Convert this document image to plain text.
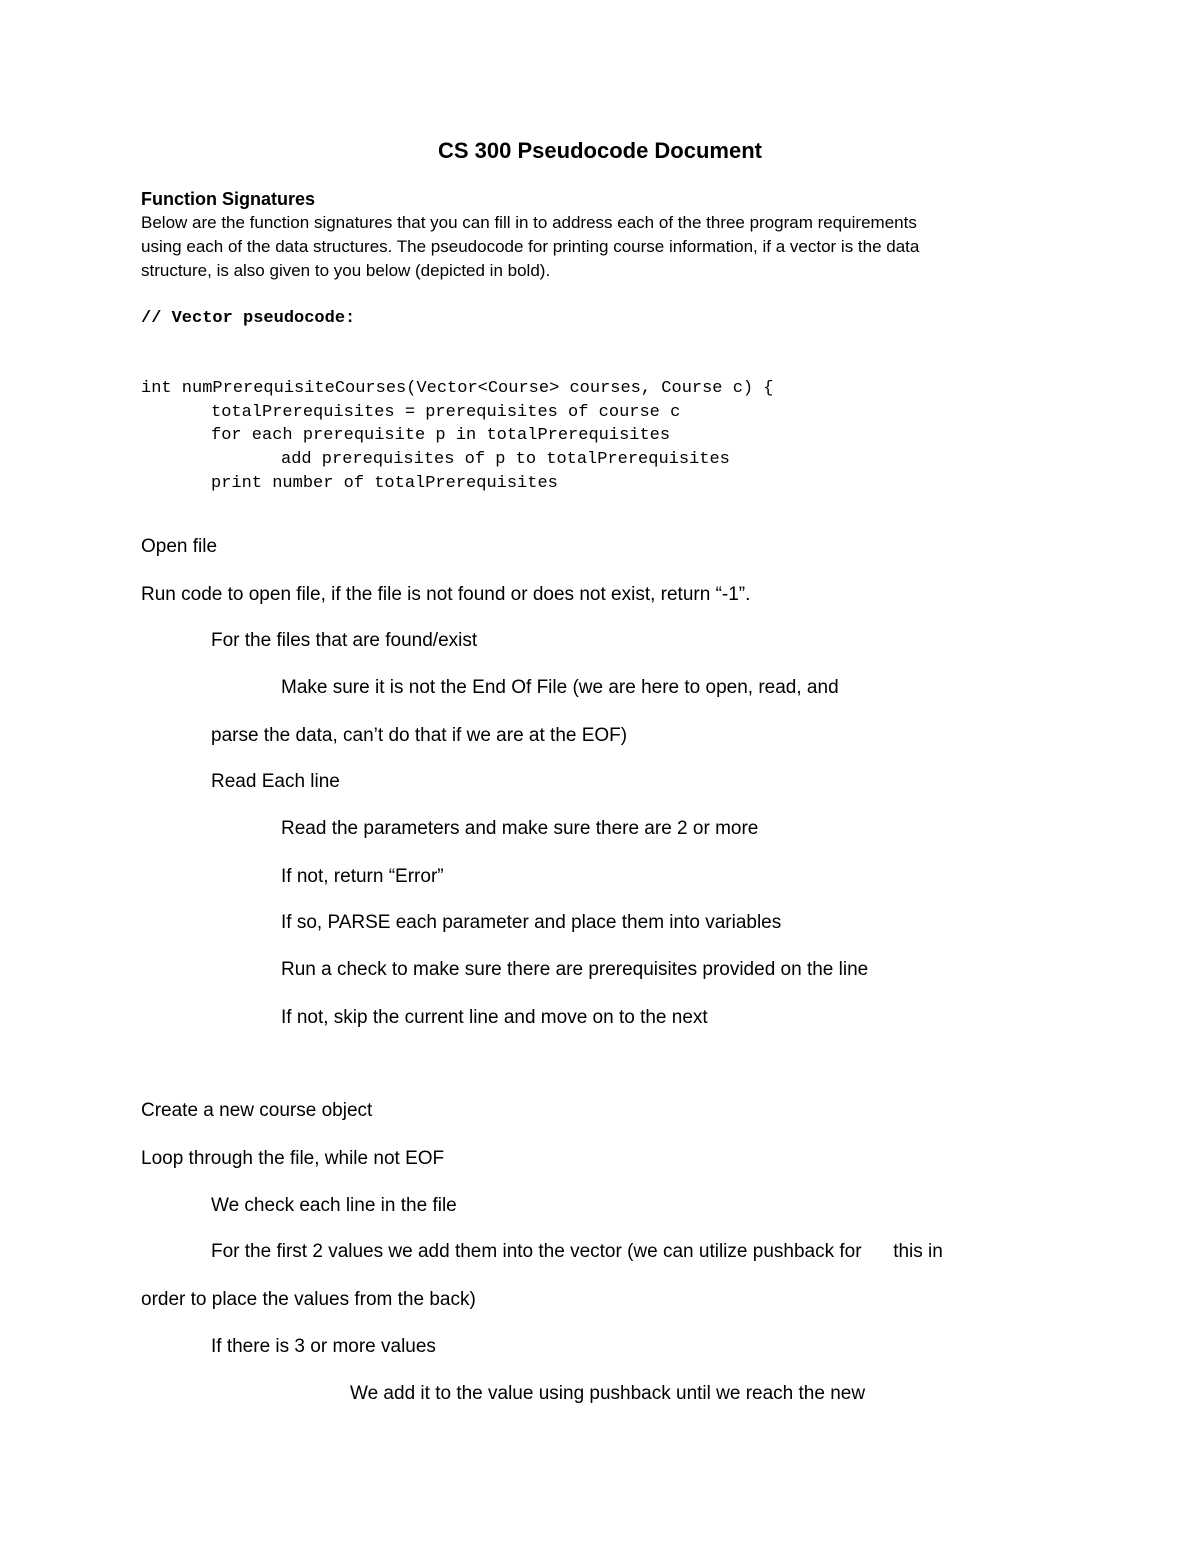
CS 300 Pseudocode Document
Function Signatures
Below are the function signatures that you can fill in to address each of the three program requirements
using each of the data structures. The pseudocode for printing course information, if a vector is the data
structure, is also given to you below (depicted in bold).
// Vector pseudocode:
int numPrerequisiteCourses(Vector<Course> courses, Course c) {
totalPrerequisites = prerequisites of course c
for each prerequisite p in totalPrerequisites
add prerequisites of p to totalPrerequisites
print number of totalPrerequisites
Open file
Run code to open file, if the file is not found or does not exist, return “-1”.
For the files that are found/exist
Make sure it is not the End Of File (we are here to open, read, and
parse the data, can’t do that if we are at the EOF)
Read Each line
Read the parameters and make sure there are 2 or more
If not, return “Error”
If so, PARSE each parameter and place them into variables
Run a check to make sure there are prerequisites provided on the line
If not, skip the current line and move on to the next
Create a new course object
Loop through the file, while not EOF
We check each line in the file
For the first 2 values we add them into the vector (we can utilize pushback for      this in
order to place the values from the back)
If there is 3 or more values
We add it to the value using pushback until we reach the new
